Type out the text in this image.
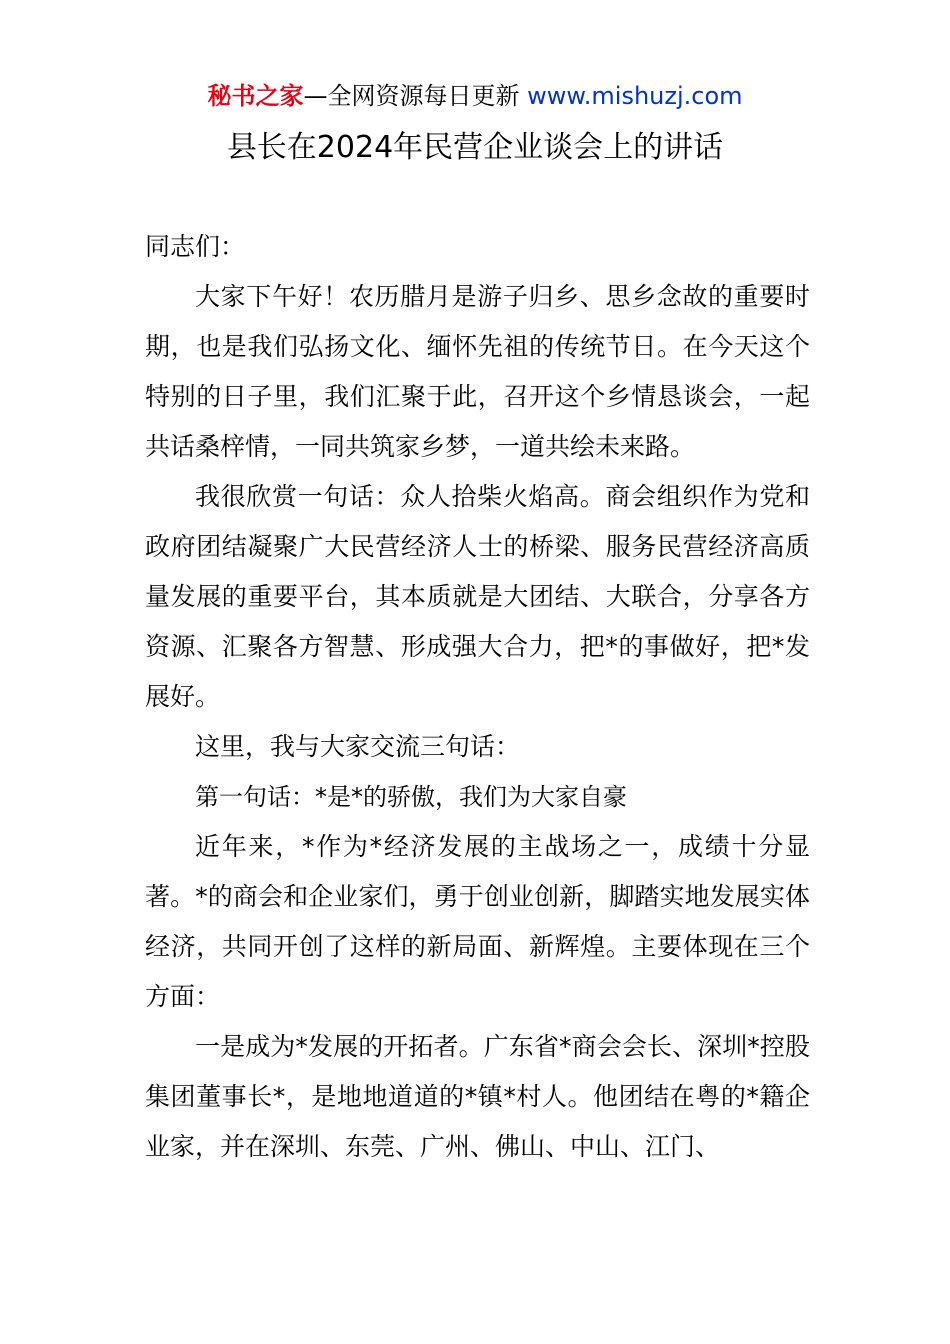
秘书之家—全网资源每日更新 www.mishuzj.com
县长在2024年民营企业谈会上的讲话

同志们：

大家下午好！农历腊月是游子归乡、思乡念故的重要时期，也是我们弘扬文化、缅怀先祖的传统节日。在今天这个特别的日子里，我们汇聚于此，召开这个乡情恳谈会，一起共话桑梓情，一同共筑家乡梦，一道共绘未来路。

我很欣赏一句话：众人拾柴火焰高。商会组织作为党和政府团结凝聚广大民营经济人士的桥梁、服务民营经济高质量发展的重要平台，其本质就是大团结、大联合，分享各方资源、汇聚各方智慧、形成强大合力，把*的事做好，把*发展好。

这里，我与大家交流三句话：

第一句话：*是*的骄傲，我们为大家自豪

近年来，*作为*经济发展的主战场之一，成绩十分显著。*的商会和企业家们，勇于创业创新，脚踏实地发展实体经济，共同开创了这样的新局面、新辉煌。主要体现在三个方面：

一是成为*发展的开拓者。广东省*商会会长、深圳*控股集团董事长*，是地地道道的*镇*村人。他团结在粤的*籍企业家，并在深圳、东莞、广州、佛山、中山、江门、
